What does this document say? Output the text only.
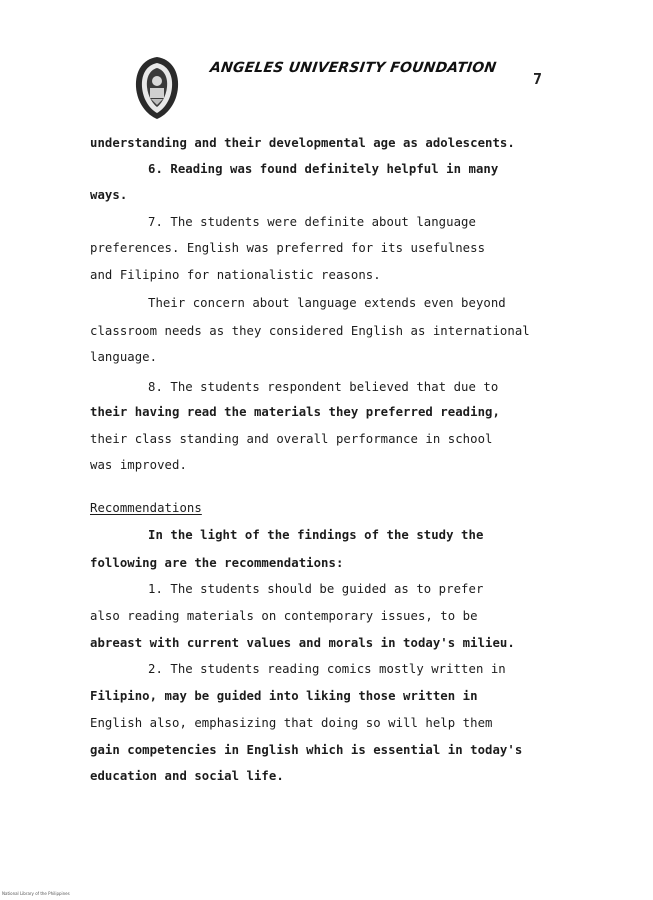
ANGELES UNIVERSITY FOUNDATION
7
understanding and their developmental age as adolescents.
6. Reading was found definitely helpful in many
ways.
7. The students were definite about language
preferences. English was preferred for its usefulness
and Filipino for nationalistic reasons.
Their concern about language extends even beyond
classroom needs as they considered English as international
language.
8. The students respondent believed that due to
their having read the materials they preferred reading,
their class standing and overall performance in school
was improved.
Recommendations
In the light of the findings of the study the
following are the recommendations:
1. The students should be guided as to prefer
also reading materials on contemporary issues, to be
abreast with current values and morals in today's milieu.
2. The students reading comics mostly written in
Filipino, may be guided into liking those written in
English also, emphasizing that doing so will help them
gain competencies in English which is essential in today's
education and social life.
National Library of the Philippines
